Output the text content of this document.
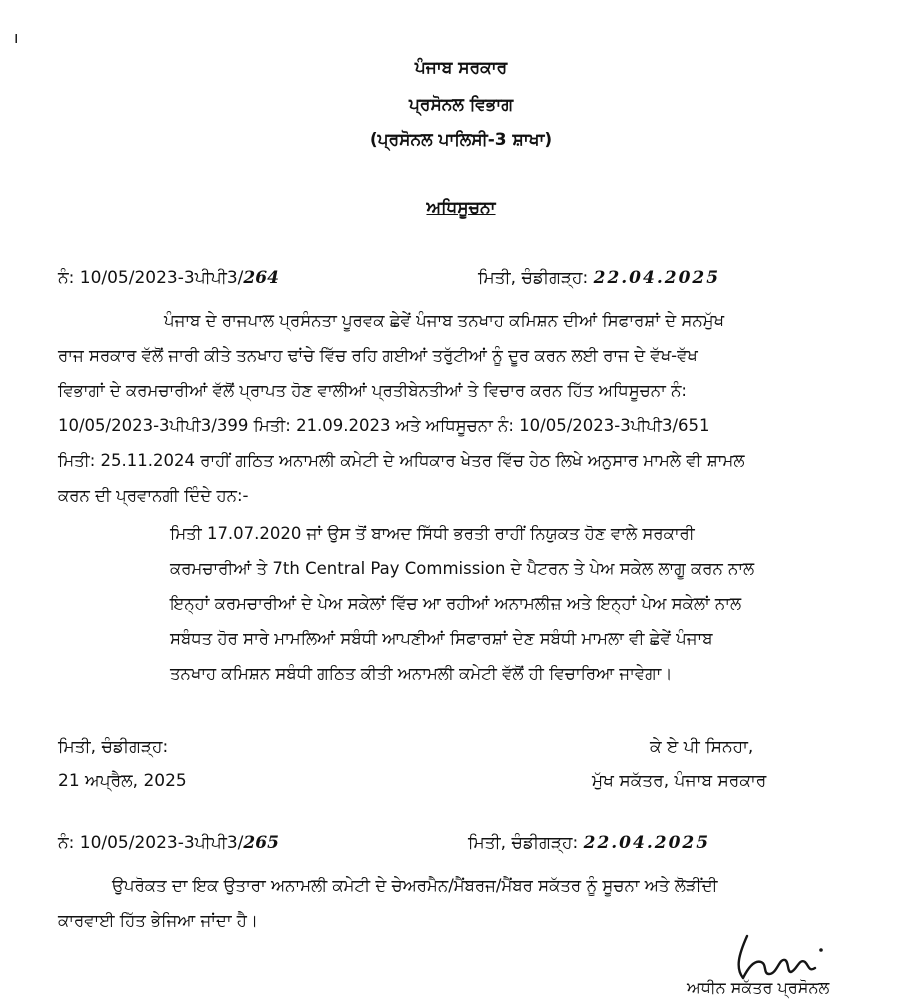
ı
ਪੰਜਾਬ ਸਰਕਾਰ
ਪ੍ਰਸੋਨਲ ਵਿਭਾਗ
(ਪ੍ਰਸੋਨਲ ਪਾਲਿਸੀ-3 ਸ਼ਾਖਾ)
ਅਧਿਸੂਚਨਾ
ਨੰ: 10/05/2023-3ਪੀਪੀ3/264	ਮਿਤੀ, ਚੰਡੀਗੜ੍ਹ: 22.04.2025
ਪੰਜਾਬ ਦੇ ਰਾਜਪਾਲ ਪ੍ਰਸੰਨਤਾ ਪੂਰਵਕ ਛੇਵੇਂ ਪੰਜਾਬ ਤਨਖਾਹ ਕਮਿਸ਼ਨ ਦੀਆਂ ਸਿਫਾਰਸ਼ਾਂ ਦੇ ਸਨਮੁੱਖ
ਰਾਜ ਸਰਕਾਰ ਵੱਲੋਂ ਜਾਰੀ ਕੀਤੇ ਤਨਖਾਹ ਢਾਂਚੇ ਵਿੱਚ ਰਹਿ ਗਈਆਂ ਤਰੁੱਟੀਆਂ ਨੂੰ ਦੂਰ ਕਰਨ ਲਈ ਰਾਜ ਦੇ ਵੱਖ-ਵੱਖ
ਵਿਭਾਗਾਂ ਦੇ ਕਰਮਚਾਰੀਆਂ ਵੱਲੋਂ ਪ੍ਰਾਪਤ ਹੋਣ ਵਾਲੀਆਂ ਪ੍ਰਤੀਬੇਨਤੀਆਂ ਤੇ ਵਿਚਾਰ ਕਰਨ ਹਿੱਤ ਅਧਿਸੂਚਨਾ ਨੰ:
10/05/2023-3ਪੀਪੀ3/399 ਮਿਤੀ: 21.09.2023 ਅਤੇ ਅਧਿਸੂਚਨਾ ਨੰ: 10/05/2023-3ਪੀਪੀ3/651
ਮਿਤੀ: 25.11.2024 ਰਾਹੀਂ ਗਠਿਤ ਅਨਾਮਲੀ ਕਮੇਟੀ ਦੇ ਅਧਿਕਾਰ ਖੇਤਰ ਵਿੱਚ ਹੇਠ ਲਿਖੇ ਅਨੁਸਾਰ ਮਾਮਲੇ ਵੀ ਸ਼ਾਮਲ
ਕਰਨ ਦੀ ਪ੍ਰਵਾਨਗੀ ਦਿੰਦੇ ਹਨ:-
ਮਿਤੀ 17.07.2020 ਜਾਂ ਉਸ ਤੋਂ ਬਾਅਦ ਸਿੱਧੀ ਭਰਤੀ ਰਾਹੀਂ ਨਿਯੁਕਤ ਹੋਣ ਵਾਲੇ ਸਰਕਾਰੀ
ਕਰਮਚਾਰੀਆਂ ਤੇ 7th Central Pay Commission ਦੇ ਪੈਟਰਨ ਤੇ ਪੇਅ ਸਕੇਲ ਲਾਗੂ ਕਰਨ ਨਾਲ
ਇਨ੍ਹਾਂ ਕਰਮਚਾਰੀਆਂ ਦੇ ਪੇਅ ਸਕੇਲਾਂ ਵਿੱਚ ਆ ਰਹੀਆਂ ਅਨਾਮਲੀਜ਼ ਅਤੇ ਇਨ੍ਹਾਂ ਪੇਅ ਸਕੇਲਾਂ ਨਾਲ
ਸਬੰਧਤ ਹੋਰ ਸਾਰੇ ਮਾਮਲਿਆਂ ਸਬੰਧੀ ਆਪਣੀਆਂ ਸਿਫਾਰਸ਼ਾਂ ਦੇਣ ਸਬੰਧੀ ਮਾਮਲਾ ਵੀ ਛੇਵੇਂ ਪੰਜਾਬ
ਤਨਖਾਹ ਕਮਿਸ਼ਨ ਸਬੰਧੀ ਗਠਿਤ ਕੀਤੀ ਅਨਾਮਲੀ ਕਮੇਟੀ ਵੱਲੋਂ ਹੀ ਵਿਚਾਰਿਆ ਜਾਵੇਗਾ।
ਮਿਤੀ, ਚੰਡੀਗੜ੍ਹ:
21 ਅਪ੍ਰੈਲ, 2025
ਕੇ ਏ ਪੀ ਸਿਨਹਾ,
ਮੁੱਖ ਸਕੱਤਰ, ਪੰਜਾਬ ਸਰਕਾਰ
ਨੰ: 10/05/2023-3ਪੀਪੀ3/265	ਮਿਤੀ, ਚੰਡੀਗੜ੍ਹ: 22.04.2025
ਉਪਰੋਕਤ ਦਾ ਇਕ ਉਤਾਰਾ ਅਨਾਮਲੀ ਕਮੇਟੀ ਦੇ ਚੇਅਰਮੈਨ/ਮੈਂਬਰਜ/ਮੈਂਬਰ ਸਕੱਤਰ ਨੂੰ ਸੂਚਨਾ ਅਤੇ ਲੋੜੀਂਦੀ
ਕਾਰਵਾਈ ਹਿੱਤ ਭੇਜਿਆ ਜਾਂਦਾ ਹੈ।
ਅਧੀਨ ਸਕੱਤਰ ਪ੍ਰਸੋਨਲ
